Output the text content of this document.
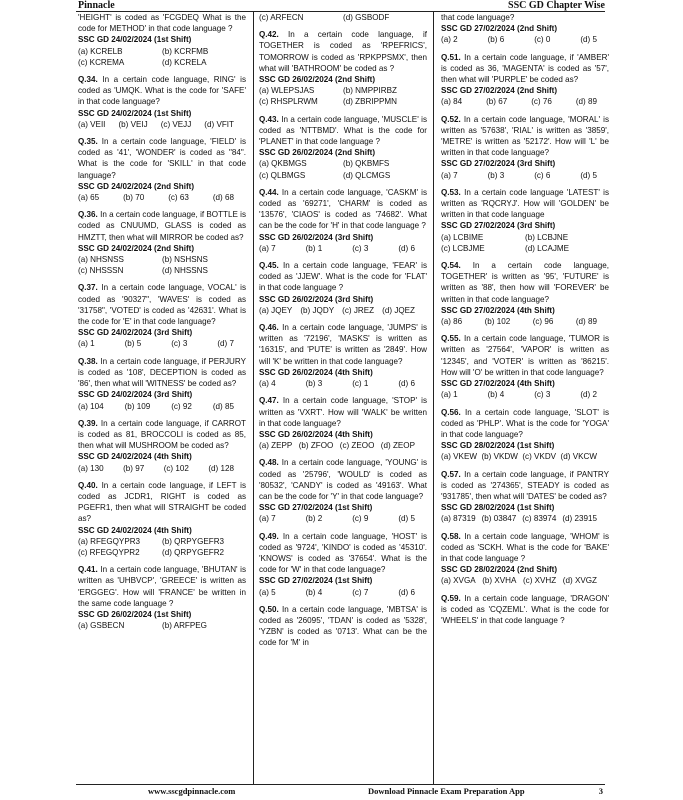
Pinnacle	SSC GD Chapter Wise

'HEIGHT' is coded as 'FCGDEQ What is the code for METHOD' in that code language ?

SSC GD 24/02/2024 (1st Shift)
(a) KCRELB	(b) KCRFMB
(c) KCREMA	(d) KCRELA

Q.34. In a certain code language, RING' is coded as 'UMQK. What is the code for 'SAFE' in that code language?

SSC GD 24/02/2024 (1st Shift)
(a) VEII (b) VEIJ (c) VEJJ (d) VFIT

Q.35. In a certain code language, 'FIELD' is coded as '41', 'WONDER' is coded as "84". What is the code for 'SKILL' in that code language?

SSC GD 24/02/2024 (2nd Shift)
(a) 65	(b) 70	(c) 63	(d) 68

Q.36. In a certain code language, if BOTTLE is coded as CNUUMD, GLASS is coded as HMZTT, then what will MIRROR be coded as?

SSC GD 24/02/2024 (2nd Shift)
(a) NHSNSS	(b) NSHSNS
(c) NHSSSN	(d) NHSSNS

Q.37. In a certain code language, VOCAL' is coded as '90327", 'WAVES' is coded as '31758", 'VOTED' is coded as '42631'. What is the code for 'E' in that code language?

SSC GD 24/02/2024 (3rd Shift)
(a) 1	(b) 5	(c) 3	(d) 7

Q.38. In a certain code language, if PERJURY is coded as '108', DECEPTION is coded as '86', then what will 'WITNESS' be coded as?

SSC GD 24/02/2024 (3rd Shift)
(a) 104	(b) 109	(c) 92	(d) 85

Q.39. In a certain code language, if CARROT is coded as 81, BROCCOLI is coded as 85, then what will MUSHROOM be coded as?

SSC GD 24/02/2024 (4th Shift)
(a) 130 (b) 97 (c) 102 (d) 128

Q.40. In a certain code language, if LEFT is coded as JCDR1, RIGHT is coded as PGEFR1, then what will STRAIGHT be coded as?

SSC GD 24/02/2024 (4th Shift)
(a) RFEGQYPR3	(b) QRPYGEFR3
(c) RFEGQYPR2	(d) QRPYGEFR2

Q.41. In a certain code language, 'BHUTAN' is written as 'UHBVCP', 'GREECE' is written as 'ERGGEG'. How will 'FRANCE' be written in the same code language ?

SSC GD 26/02/2024 (1st Shift)
(a) GSBECN	(b) ARFPEG
(c) ARFECN	(d) GSBODF

Q.42. In a certain code language, if TOGETHER is coded as 'RPEFRICS', TOMORROW is coded as 'RPKPPSMX', then what will 'BATHROOM' be coded as ?

SSC GD 26/02/2024 (2nd Shift)
(a) WLEPSJAS	(b) NMPPIRBZ
(c) RHSPLRWM	(d) ZBRIPPMN

Q.43. In a certain code language, 'MUSCLE' is coded as 'NTTBMD'. What is the code for 'PLANET' in that code language ?

SSC GD 26/02/2024 (2nd Shift)
(a) QKBMGS	(b) QKBMFS
(c) QLBMGS	(d) QLCMGS

Q.44. In a certain code language, 'CASKM' is coded as '69271', 'CHARM' is coded as '13576', 'CIAOS' is coded as '74682'. What can be the code for 'H' in that code language ?

SSC GD 26/02/2024 (3rd Shift)
(a) 7	(b) 1	(c) 3	(d) 6

Q.45. In a certain code language, 'FEAR' is coded as 'JJEW'. What is the code for 'FLAT' in that code language ?

SSC GD 26/02/2024 (3rd Shift)
(a) JQEY (b) JQDY (c) JREZ (d) JQEZ

Q.46. In a certain code language, 'JUMPS' is written as '72196', 'MASKS' is written as '16315', and 'PUTE' is written as '2849'. How will 'K' be written in that code language?

SSC GD 26/02/2024 (4th Shift)
(a) 4	(b) 3	(c) 1	(d) 6

Q.47. In a certain code language, 'STOP' is written as 'VXRT'. How will 'WALK' be written in that code language?

SSC GD 26/02/2024 (4th Shift)
(a) ZEPP (b) ZFOO (c) ZEOO (d) ZEOP

Q.48. In a certain code language, 'YOUNG' is coded as '25796', 'WOULD' is coded as '80532', 'CANDY' is coded as '49163'. What can be the code for 'Y' in that code language?

SSC GD 27/02/2024 (1st Shift)
(a) 7	(b) 2	(c) 9	(d) 5

Q.49. In a certain code language, 'HOST' is coded as '9724', 'KINDO' is coded as '45310'. 'KNOWS' is coded as '37654'. What is the code for 'W' in that code language?

SSC GD 27/02/2024 (1st Shift)
(a) 5	(b) 4	(c) 7	(d) 6

Q.50. In a certain code language, 'MBTSA' is coded as '26095', 'TDAN' is coded as '5328', 'YZBN' is coded as '0713'. What can be the code for 'M' in

that code language?

SSC GD 27/02/2024 (2nd Shift)
(a) 2	(b) 6	(c) 0	(d) 5

Q.51. In a certain code language, if 'AMBER' is coded as 36, 'MAGENTA' is coded as '57', then what will 'PURPLE' be coded as?

SSC GD 27/02/2024 (2nd Shift)
(a) 84	(b) 67	(c) 76	(d) 89

Q.52. In a certain code language, 'MORAL' is written as '57638', 'RIAL' is written as '3859', 'METRE' is written as '52172'. How will 'L' be written in that code language?

SSC GD 27/02/2024 (3rd Shift)
(a) 7	(b) 3	(c) 6	(d) 5

Q.53. In a certain code language 'LATEST' is written as 'RQCRYJ'. How will 'GOLDEN' be written in that code language

SSC GD 27/02/2024 (3rd Shift)
(a) LCBIME	(b) LCBJNE
(c) LCBJME	(d) LCAJME

Q.54. In a certain code language, TOGETHER' is written as '95', 'FUTURE' is written as '88', then how will 'FOREVER' be written in that code language?

SSC GD 27/02/2024 (4th Shift)
(a) 86	(b) 102	(c) 96	(d) 89

Q.55. In a certain code language, 'TUMOR is written as '27564', 'VAPOR' is written as '12345', and 'VOTER' is written as '86215'. How will 'O' be written in that code language?

SSC GD 27/02/2024 (4th Shift)
(a) 1	(b) 4	(c) 3	(d) 2

Q.56. In a certain code language, 'SLOT' is coded as 'PHLP'. What is the code for 'YOGA' in that code language?

SSC GD 28/02/2024 (1st Shift)
(a) VKEW (b) VKDW (c) VKDV (d) VKCW

Q.57. In a certain code language, if PANTRY is coded as '274365', STEADY is coded as '931785', then what will 'DATES' be coded as?

SSC GD 28/02/2024 (1st Shift)
(a) 87319 (b) 03847 (c) 83974 (d) 23915

Q.58. In a certain code language, 'WHOM' is coded as 'SCKH. What is the code for 'BAKE' in that code language ?

SSC GD 28/02/2024 (2nd Shift)
(a) XVGA (b) XVHA (c) XVHZ (d) XVGZ

Q.59. In a certain code language, 'DRAGON' is coded as 'CQZEML'. What is the code for 'WHEELS' in that code language ?

www.sscgdpinnacle.com	Download Pinnacle Exam Preparation App	3
